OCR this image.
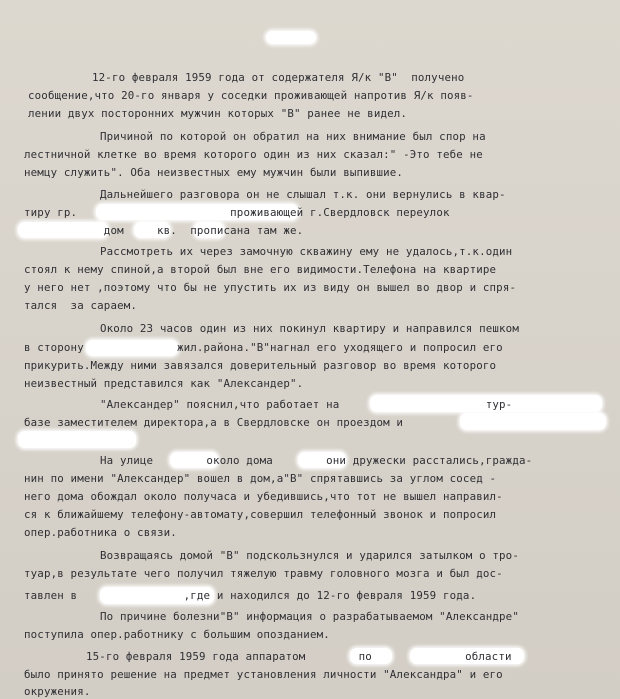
12-го февраля 1959 года от содержателя Я/к "В"  получено
сообщение,что 20-го января у соседки проживающей напротив Я/к появ-
лении двух посторонних мужчин которых "В" ранее не видел.
Причиной по которой он обратил на них внимание был спор на
лестничной клетке во время которого один из них сказал:" -Это тебе не
немцу служить". Оба неизвестных ему мужчин были выпившие.
Дальнейшего разговора он не слышал т.к. они вернулись в квар-
тиру гр.                       проживающей г.Свердловск переулок
дом     кв.  прописана там же.
Рассмотреть их через замочную скважину ему не удалось,т.к.один
стоял к нему спиной,а второй был вне его видимости.Телефона на квартире
у него нет ,поэтому что бы не упустить их из виду он вышел во двор и спря-
тался  за сараем.
Около 23 часов один из них покинул квартиру и направился пешком
в сторону              жил.района."В"нагнал его уходящего и попросил его
прикурить.Между ними завязался доверительный разговор во время которого
неизвестный представился как "Александер".
"Александер" пояснил,что работает на                      тур-
базе заместителем директора,а в Свердловске он проездом и
На улице        около дома        они дружески расстались,гражда-
нин по имени "Александер" вошел в дом,а"В" спрятавшись за углом сосед -
него дома обождал около получаса и убедившись,что тот не вышел направил-
ся к ближайшему телефону-автомату,совершил телефонный звонок и попросил
опер.работника о связи.
Возвращаясь домой "В" подскользнулся и ударился затылком о тро-
туар,в результате чего получил тяжелую травму головного мозга и был дос-
тавлен в                ,где и находился до 12-го февраля 1959 года.
По причине болезни"В" информация о разрабатываемом "Александре"
поступила опер.работнику с большим опозданием.
15-го февраля 1959 года аппаратом        по              области
было принято решение на предмет установления личности "Александра" и его
окружения.
